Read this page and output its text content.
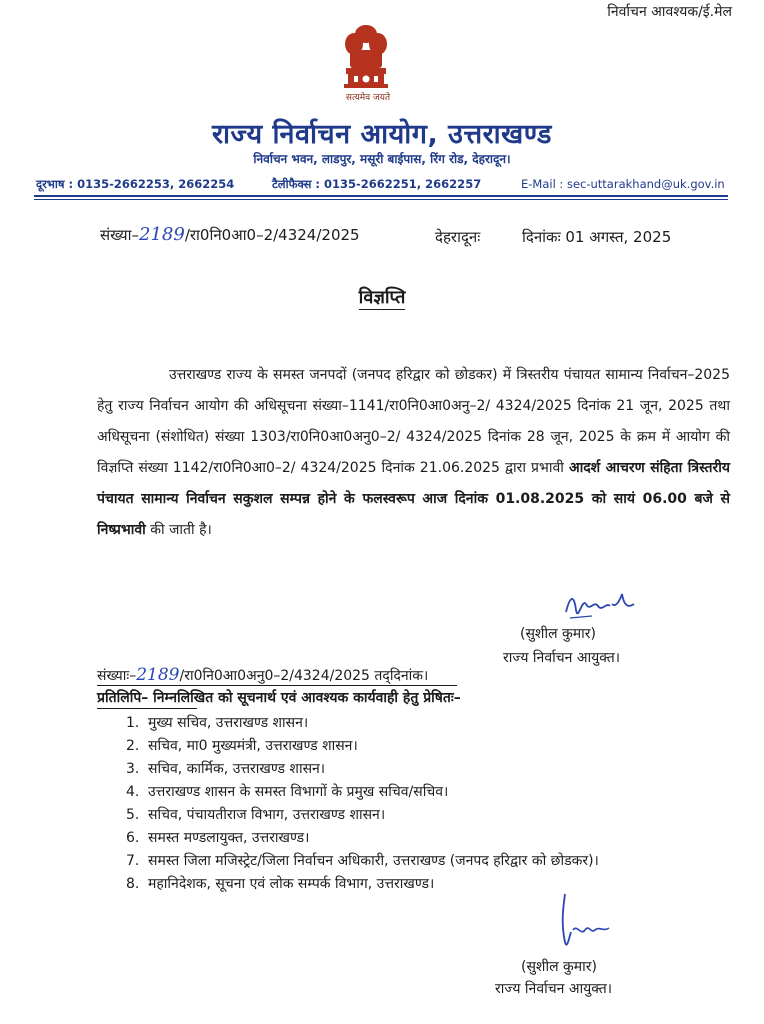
निर्वाचन आवश्यक/ई.मेल
सत्यमेव जयते
राज्य निर्वाचन आयोग, उत्तराखण्ड
निर्वाचन भवन, लाडपुर, मसूरी बाईपास, रिंग रोड, देहरादून।
दूरभाष : 0135-2662253, 2662254	टैलीफैक्स : 0135-2662251, 2662257	E-Mail : sec-uttarakhand@uk.gov.in
संख्या–2189/रा0नि0आ0–2/4324/2025	देहरादूनः	दिनांकः 01 अगस्त, 2025
विज्ञप्ति

उत्तराखण्ड राज्य के समस्त जनपदों (जनपद हरिद्वार को छोडकर) में त्रिस्तरीय पंचायत सामान्य निर्वाचन–2025 हेतु राज्य निर्वाचन आयोग की अधिसूचना संख्या–1141/रा0नि0आ0अनु–2/ 4324/2025 दिनांक 21 जून, 2025 तथा अधिसूचना (संशोधित) संख्या 1303/रा0नि0आ0अनु0–2/ 4324/2025 दिनांक 28 जून, 2025 के क्रम में आयोग की विज्ञप्ति संख्या 1142/रा0नि0आ0–2/ 4324/2025 दिनांक 21.06.2025 द्वारा प्रभावी आदर्श आचरण संहिता त्रिस्तरीय पंचायत सामान्य निर्वाचन सकुशल सम्पन्न होने के फलस्वरूप आज दिनांक 01.08.2025 को सायं 06.00 बजे से निष्प्रभावी की जाती है।

(सुशील कुमार)
राज्य निर्वाचन आयुक्त।
संख्याः–2189/रा0नि0आ0अनु0–2/4324/2025 तद्‌दिनांक।
प्रतिलिपि– निम्नलिखित को सूचनार्थ एवं आवश्यक कार्यवाही हेतु प्रेषितः–
1. मुख्य सचिव, उत्तराखण्ड शासन।
2. सचिव, मा0 मुख्यमंत्री, उत्तराखण्ड शासन।
3. सचिव, कार्मिक, उत्तराखण्ड शासन।
4. उत्तराखण्ड शासन के समस्त विभागों के प्रमुख सचिव/सचिव।
5. सचिव, पंचायतीराज विभाग, उत्तराखण्ड शासन।
6. समस्त मण्डलायुक्त, उत्तराखण्ड।
7. समस्त जिला मजिस्ट्रेट/जिला निर्वाचन अधिकारी, उत्तराखण्ड (जनपद हरिद्वार को छोडकर)।
8. महानिदेशक, सूचना एवं लोक सम्पर्क विभाग, उत्तराखण्ड।
(सुशील कुमार)
राज्य निर्वाचन आयुक्त।
